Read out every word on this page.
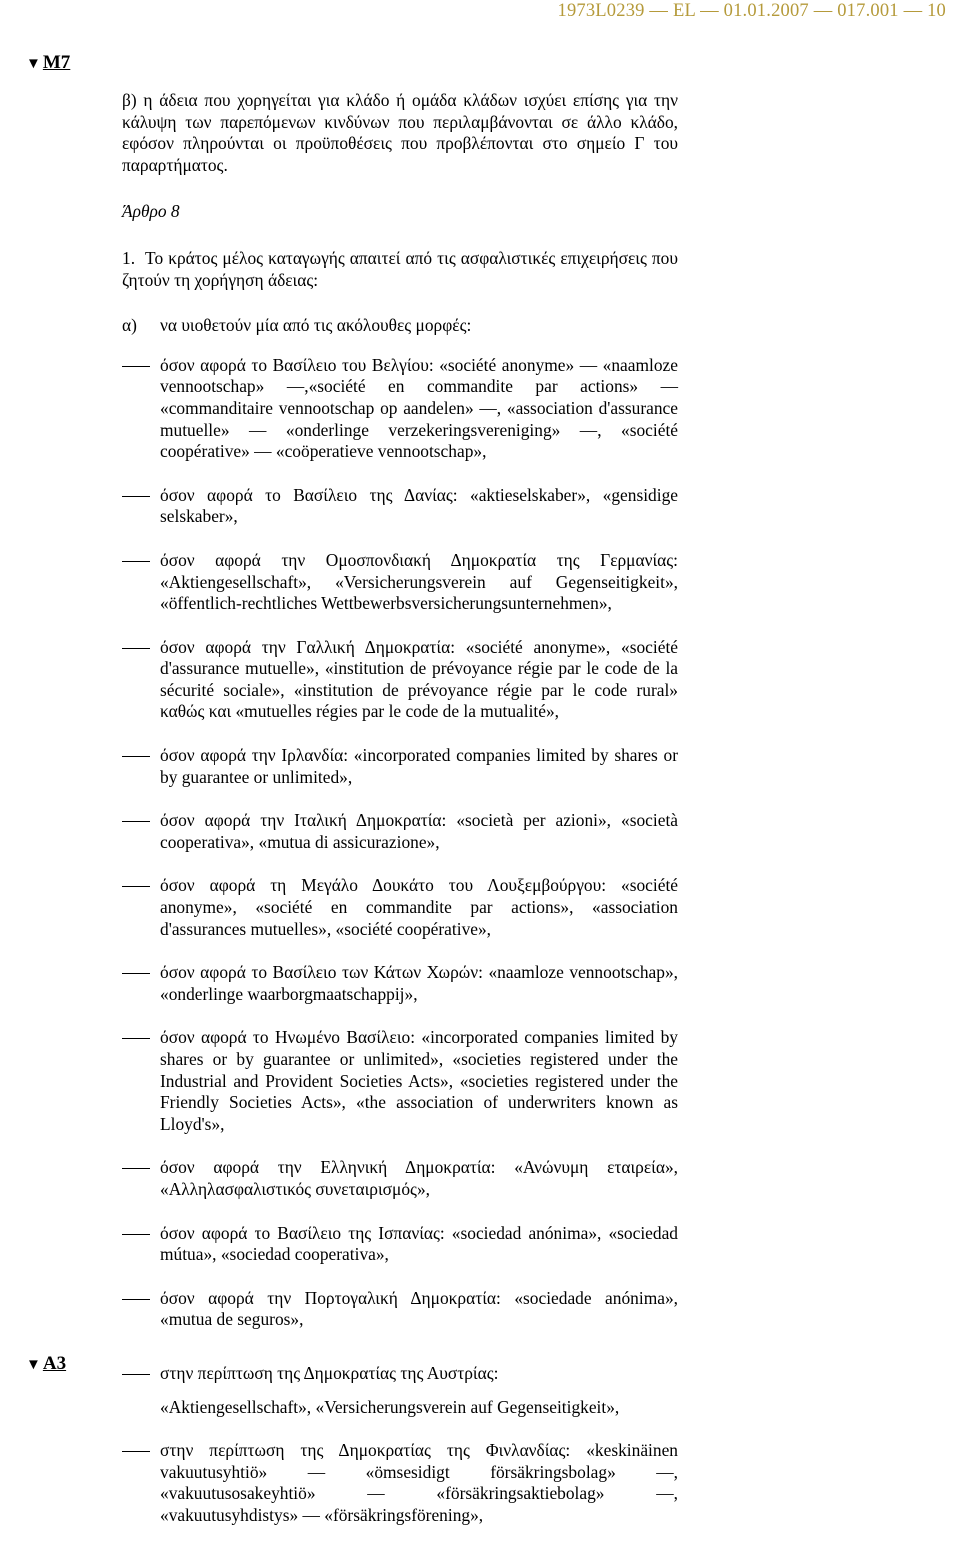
1973L0239 — EL — 01.01.2007 — 017.001 — 10
▼ M7
▼ A3

β) η άδεια που χορηγείται για κλάδο ή ομάδα κλάδων ισχύει επίσης για την κάλυψη των παρεπόμενων κινδύνων που περιλαμβάνονται σε άλλο κλάδο, εφόσον πληρούνται οι προϋποθέσεις που προβλέπονται στο σημείο Γ του παραρτήματος.

Άρθρο 8

1. Το κράτος μέλος καταγωγής απαιτεί από τις ασφαλιστικές επιχειρήσεις που ζητούν τη χορήγηση άδειας:

α)	να υιοθετούν μία από τις ακόλουθες μορφές:
όσον αφορά το Βασίλειο του Βελγίου: «société anonyme» — «naamloze vennootschap» —,«société en commandite par actions» — «commanditaire vennootschap op aandelen» —, «association d'assurance mutuelle» — «onderlinge verzekeringsvereniging» —, «société coopérative» — «coöperatieve vennootschap»,
όσον αφορά το Βασίλειο της Δανίας: «aktieselskaber», «gensidige selskaber»,
όσον αφορά την Ομοσπονδιακή Δημοκρατία της Γερμανίας: «Aktiengesellschaft», «Versicherungsverein auf Gegenseitigkeit», «öffentlich-rechtliches Wettbewerbsversicherungsunternehmen»,
όσον αφορά την Γαλλική Δημοκρατία: «société anonyme», «société d'assurance mutuelle», «institution de prévoyance régie par le code de la sécurité sociale», «institution de prévoyance régie par le code rural» καθώς και «mutuelles régies par le code de la mutualité»,
όσον αφορά την Ιρλανδία: «incorporated companies limited by shares or by guarantee or unlimited»,
όσον αφορά την Ιταλική Δημοκρατία: «società per azioni», «società cooperativa», «mutua di assicurazione»,
όσον αφορά τη Μεγάλο Δουκάτο του Λουξεμβούργου: «société anonyme», «société en commandite par actions», «association d'assurances mutuelles», «société coopérative»,
όσον αφορά το Βασίλειο των Κάτων Χωρών: «naamloze vennootschap», «onderlinge waarborgmaatschappij»,
όσον αφορά το Ηνωμένο Βασίλειο: «incorporated companies limited by shares or by guarantee or unlimited», «societies registered under the Industrial and Provident Societies Acts», «societies registered under the Friendly Societies Acts», «the association of underwriters known as Lloyd's»,
όσον αφορά την Ελληνική Δημοκρατία: «Ανώνυμη εταιρεία», «Αλληλασφαλιστικός συνεταιρισμός»,
όσον αφορά το Βασίλειο της Ισπανίας: «sociedad anónima», «sociedad mútua», «sociedad cooperativa»,
όσον αφορά την Πορτογαλική Δημοκρατία: «sociedade anónima», «mutua de seguros»,
στην περίπτωση της Δημοκρατίας της Αυστρίας:
«Aktiengesellschaft», «Versicherungsverein auf Gegenseitigkeit»,
στην περίπτωση της Δημοκρατίας της Φινλανδίας: «keskinäinen vakuutusyhtiö» — «ömsesidigt försäkringsbolag» —, «vakuutusosakeyhtiö» — «försäkringsaktiebolag» —, «vakuutusyhdistys» — «försäkringsförening»,
